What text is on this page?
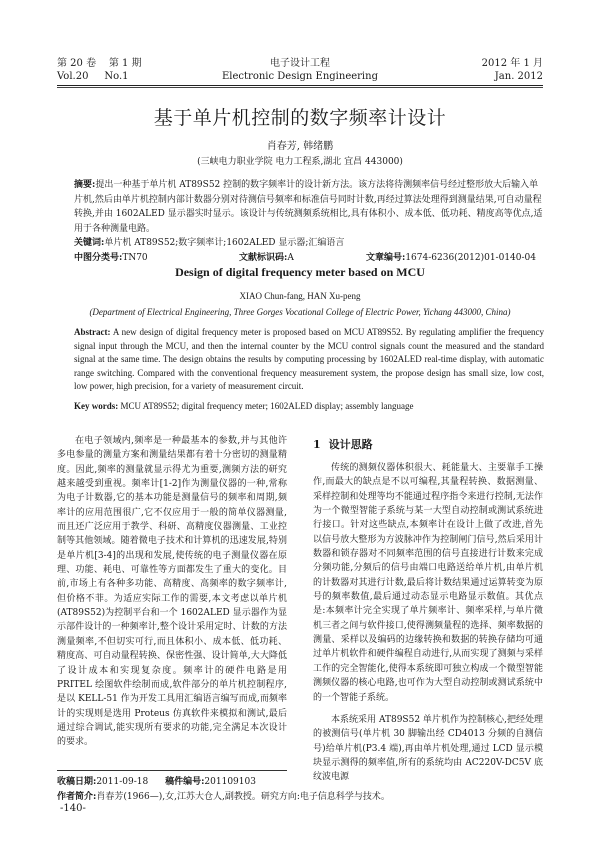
第 20 卷 第 1 期
Vol.20 No.1
电子设计工程
Electronic Design Engineering
2012 年 1 月
Jan. 2012
基于单片机控制的数字频率计设计
肖春芳, 韩绪鹏
(三峡电力职业学院 电力工程系,湖北 宜昌 443000)
摘要:提出一种基于单片机 AT89S52 控制的数字频率计的设计新方法。该方法将待测频率信号经过整形放大后输入单片机,然后由单片机控制内部计数器分别对待测信号频率和标准信号同时计数,再经过算法处理得到测量结果,可自动量程转换,并由 1602ALED 显示器实时显示。该设计与传统测频系统相比,具有体积小、成本低、低功耗、精度高等优点,适用于各种测量电路。
关键词:单片机 AT89S52;数字频率计;1602ALED 显示器;汇编语言
中图分类号:TN70	文献标识码:A	文章编号:1674-6236(2012)01-0140-04
Design of digital frequency meter based on MCU
XIAO Chun-fang, HAN Xu-peng
(Department of Electrical Engineering, Three Gorges Vocational College of Electric Power, Yichang 443000, China)
Abstract: A new design of digital frequency meter is proposed based on MCU AT89S52. By regulating amplifier the frequency signal input through the MCU, and then the internal counter by the MCU control signals count the measured and the standard signal at the same time. The design obtains the results by computing processing by 1602ALED real-time display, with automatic range switching. Compared with the conventional frequency measurement system, the propose design has small size, low cost, low power, high precision, for a variety of measurement circuit.
Key words: MCU AT89S52; digital frequency meter; 1602ALED display; assembly language
在电子领域内,频率是一种最基本的参数,并与其他许多电参量的测量方案和测量结果都有着十分密切的测量精度。因此,频率的测量就显示得尤为重要,测频方法的研究越来越受到重视。频率计[1-2]作为测量仪器的一种,常称为电子计数器,它的基本功能是测量信号的频率和周期,频率计的应用范围很广,它不仅应用于一般的简单仪器测量,而且还广泛应用于教学、科研、高精度仪器测量、工业控制等其他领域。随着微电子技术和计算机的迅速发展,特别是单片机[3-4]的出现和发展,使传统的电子测量仪器在原理、功能、耗电、可靠性等方面都发生了重大的变化。目前,市场上有各种多功能、高精度、高频率的数字频率计,但价格不菲。为适应实际工作的需要,本文考虑以单片机(AT89S52)为控制平台和一个 1602ALED 显示器作为显示部件设计的一种频率计,整个设计采用定时、计数的方法测量频率,不但切实可行,而且体积小、成本低、低功耗、精度高、可自动量程转换、保密性强、设计简单,大大降低了设计成本和实现复杂度。频率计的硬件电路是用 PRITEL 绘图软件绘制而成,软件部分的单片机控制程序,是以 KELL-51 作为开发工具用汇编语言编写而成,而频率计的实现则是选用 Proteus 仿真软件来模拟和测试,最后通过综合调试,能实现所有要求的功能,完全满足本次设计的要求。
1 设计思路
传统的测频仪器体积很大、耗能量大、主要靠手工操作,而最大的缺点是不以可编程,其量程转换、数据测量、采样控制和处理等均不能通过程序指令来进行控制,无法作为一个微型智能子系统与某一大型自动控制或测试系统进行接口。针对这些缺点,本频率计在设计上做了改进,首先以信号放大整形为方波脉冲作为控制闸门信号,然后采用计数器和锁存器对不同频率范围的信号直接进行计数来完成分频功能,分频后的信号由端口电路送给单片机,由单片机的计数器对其进行计数,最后将计数结果通过运算转变为原号的频率数值,最后通过动态显示电路显示数值。其优点是:本频率计完全实现了单片频率计、频率采样,与单片微机三者之间与软件接口,使得测频量程的选择、频率数据的测量、采样以及编码的边缘转换和数据的转换存储均可通过单片机软件和硬件编程自动进行,从而实现了测频与采样工作的完全智能化,使得本系统即可独立构成一个微型智能测频仪器的核心电路,也可作为大型自动控制或测试系统中的一个智能子系统。
本系统采用 AT89S52 单片机作为控制核心,把经处理的被测信号(单片机 30 脚输出经 CD4013 分频的自测信号)给单片机(P3.4 端),再由单片机处理,通过 LCD 显示模块显示测得的频率值,所有的系统均由 AC220V-DC5V 底纹波电源
收稿日期:2011-09-18 稿件编号:201109103
作者简介:肖春芳(1966—),女,江苏大仓人,副教授。研究方向:电子信息科学与技术。
-140-
